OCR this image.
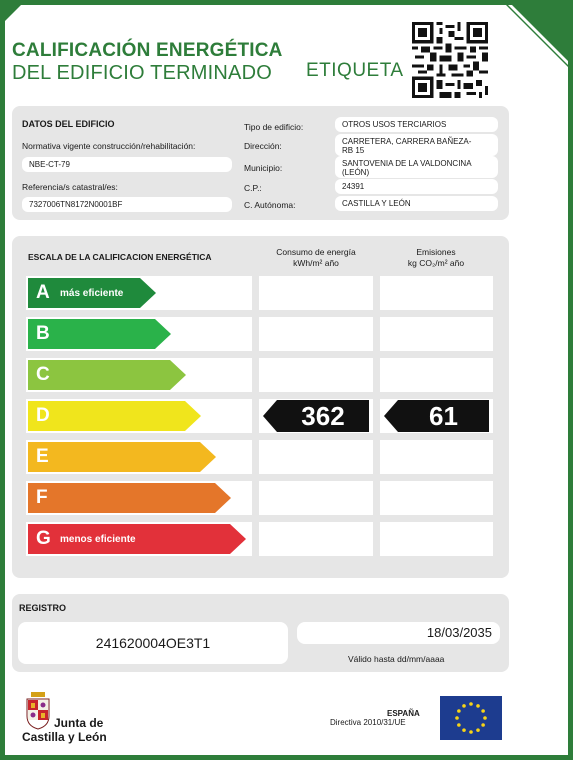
CALIFICACIÓN ENERGÉTICA
DEL EDIFICIO TERMINADO ETIQUETA
DATOS DEL EDIFICIO
Normativa vigente construcción/rehabilitación:
NBE-CT-79
Referencia/s catastral/es:
7327006TN8172N0001BF
Tipo de edificio:	OTROS USOS TERCIARIOS
Dirección:	CARRETERA, CARRERA BAÑEZA-
RB 15
Municipio:	SANTOVENIA DE LA VALDONCINA
(LEÓN)
C.P.:	24391
C. Autónoma:	CASTILLA Y LEÓN
ESCALA DE LA CALIFICACION ENERGÉTICA	Consumo de energía
kWh/m² año
Emisiones
kg CO₂/m² año
A más eficiente
B
C
D	362	61
E
F
G menos eficiente
REGISTRO
241620004OE3T1
18/03/2035
Válido hasta dd/mm/aaaa
Junta de
Castilla y León
ESPAÑA
Directiva 2010/31/UE
